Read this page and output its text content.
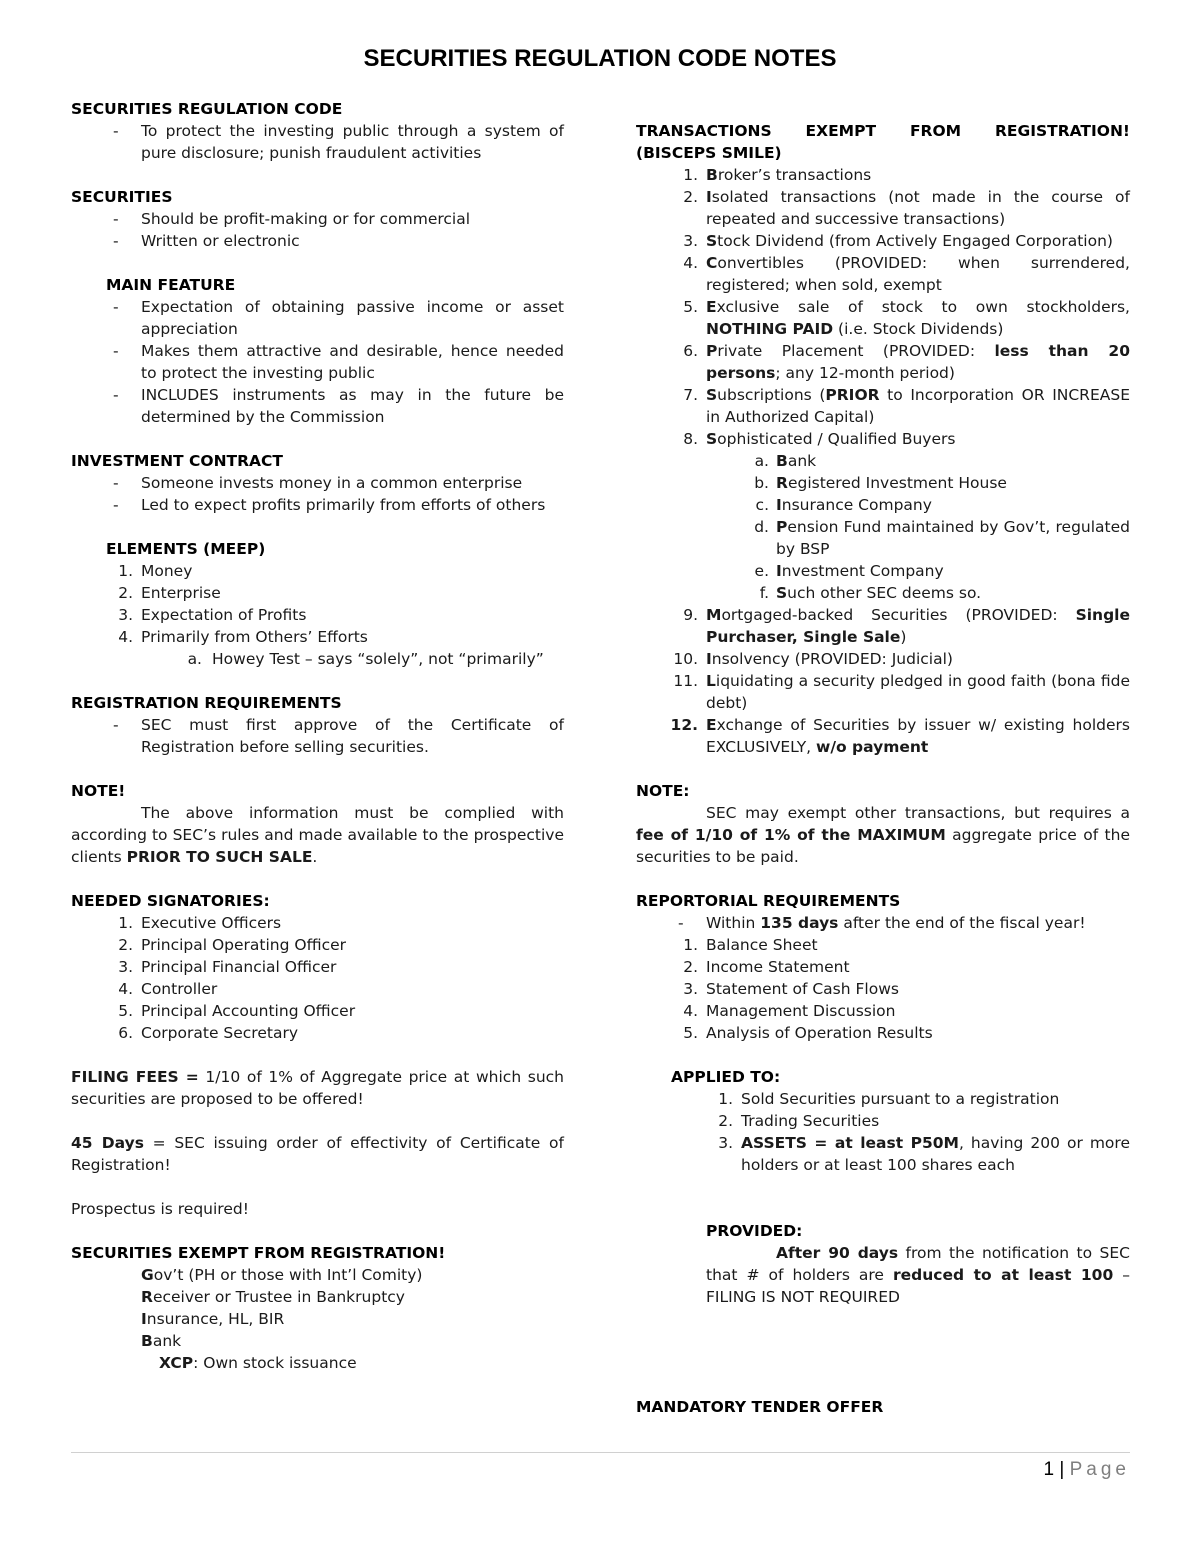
SECURITIES REGULATION CODE NOTES
SECURITIES REGULATION CODE
- To protect the investing public through a system of pure disclosure; punish fraudulent activities
SECURITIES
- Should be profit-making or for commercial
- Written or electronic
MAIN FEATURE
- Expectation of obtaining passive income or asset appreciation
- Makes them attractive and desirable, hence needed to protect the investing public
- INCLUDES instruments as may in the future be determined by the Commission
INVESTMENT CONTRACT
- Someone invests money in a common enterprise
- Led to expect profits primarily from efforts of others
ELEMENTS (MEEP)
1. Money
2. Enterprise
3. Expectation of Profits
4. Primarily from Others’ Efforts
a. Howey Test – says “solely”, not “primarily”
REGISTRATION REQUIREMENTS
- SEC must first approve of the Certificate of Registration before selling securities.
NOTE!
The above information must be complied with according to SEC’s rules and made available to the prospective clients PRIOR TO SUCH SALE.
NEEDED SIGNATORIES:
1. Executive Officers
2. Principal Operating Officer
3. Principal Financial Officer
4. Controller
5. Principal Accounting Officer
6. Corporate Secretary
FILING FEES = 1/10 of 1% of Aggregate price at which such securities are proposed to be offered!
45 Days = SEC issuing order of effectivity of Certificate of Registration!
Prospectus is required!
SECURITIES EXEMPT FROM REGISTRATION!
Gov’t (PH or those with Int’l Comity)
Receiver or Trustee in Bankruptcy
Insurance, HL, BIR
Bank
XCP: Own stock issuance
TRANSACTIONS EXEMPT FROM REGISTRATION! (BISCEPS SMILE)
1. Broker’s transactions
2. Isolated transactions (not made in the course of repeated and successive transactions)
3. Stock Dividend (from Actively Engaged Corporation)
4. Convertibles (PROVIDED: when surrendered, registered; when sold, exempt
5. Exclusive sale of stock to own stockholders, NOTHING PAID (i.e. Stock Dividends)
6. Private Placement (PROVIDED: less than 20 persons; any 12-month period)
7. Subscriptions (PRIOR to Incorporation OR INCREASE in Authorized Capital)
8. Sophisticated / Qualified Buyers
a. Bank
b. Registered Investment House
c. Insurance Company
d. Pension Fund maintained by Gov’t, regulated by BSP
e. Investment Company
f. Such other SEC deems so.
9. Mortgaged-backed Securities (PROVIDED: Single Purchaser, Single Sale)
10. Insolvency (PROVIDED: Judicial)
11. Liquidating a security pledged in good faith (bona fide debt)
12. Exchange of Securities by issuer w/ existing holders EXCLUSIVELY, w/o payment
NOTE:
SEC may exempt other transactions, but requires a fee of 1/10 of 1% of the MAXIMUM aggregate price of the securities to be paid.
REPORTORIAL REQUIREMENTS
- Within 135 days after the end of the fiscal year!
1. Balance Sheet
2. Income Statement
3. Statement of Cash Flows
4. Management Discussion
5. Analysis of Operation Results
APPLIED TO:
1. Sold Securities pursuant to a registration
2. Trading Securities
3. ASSETS = at least P50M, having 200 or more holders or at least 100 shares each
PROVIDED:
After 90 days from the notification to SEC that # of holders are reduced to at least 100 – FILING IS NOT REQUIRED
MANDATORY TENDER OFFER
1 | Page
